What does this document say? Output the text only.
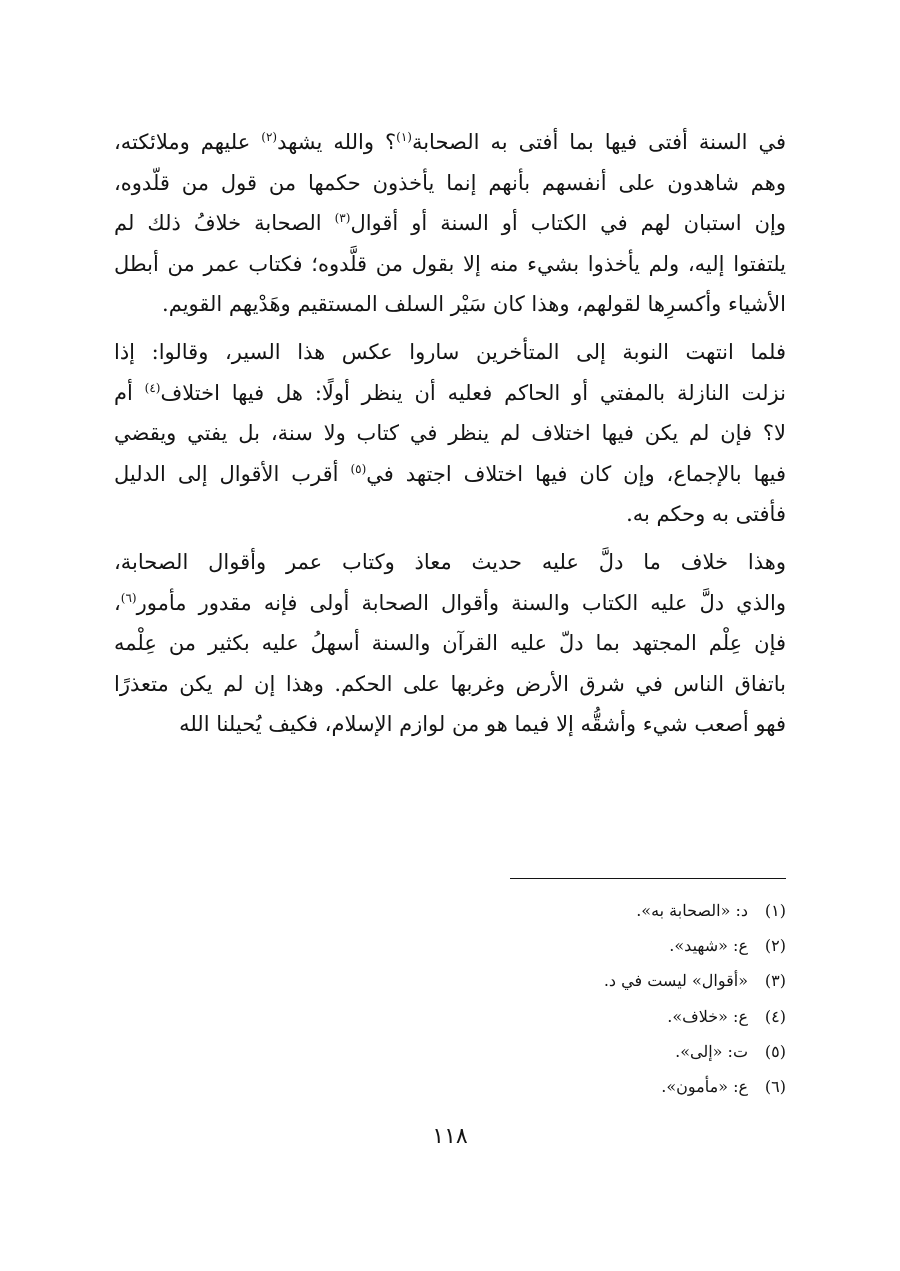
في السنة أفتى فيها بما أفتى به الصحابة$^{(١)}$؟ والله يشهد$^{(٢)}$ عليهم وملائكته،
وهم شاهدون على أنفسهم بأنهم إنما يأخذون حكمها من قول من قلّدوه،
وإن استبان لهم في الكتاب أو السنة أو أقوال$^{(٣)}$ الصحابة خلافُ ذلك لم
يلتفتوا إليه، ولم يأخذوا بشيء منه إلا بقول من قلَّدوه؛ فكتاب عمر من أبطل
الأشياء وأكسرِها لقولهم، وهذا كان سَيْر السلف المستقيم وهَدْيهم القويم.

فلما انتهت النوبة إلى المتأخرين ساروا عكس هذا السير، وقالوا: إذا
نزلت النازلة بالمفتي أو الحاكم فعليه أن ينظر أولًا: هل فيها اختلاف$^{(٤)}$ أم
لا؟ فإن لم يكن فيها اختلاف لم ينظر في كتاب ولا سنة، بل يفتي ويقضي
فيها بالإجماع، وإن كان فيها اختلاف اجتهد في$^{(٥)}$ أقرب الأقوال إلى الدليل
فأفتى به وحكم به.

وهذا خلاف ما دلَّ عليه حديث معاذ وكتاب عمر وأقوال الصحابة،
والذي دلَّ عليه الكتاب والسنة وأقوال الصحابة أولى فإنه مقدور مأمور$^{(٦)}$،
فإن عِلْم المجتهد بما دلّ عليه القرآن والسنة أسهلُ عليه بكثير من عِلْمه
باتفاق الناس في شرق الأرض وغربها على الحكم. وهذا إن لم يكن متعذرًا
فهو أصعب شيء وأشقُّه إلا فيما هو من لوازم الإسلام، فكيف يُحيلنا الله

(١)د: «الصحابة به».
(٢)ع: «شهيد».
(٣)«أقوال» ليست في د.
(٤)ع: «خلاف».
(٥)ت: «إلى».
(٦)ع: «مأمون».
١١٨
